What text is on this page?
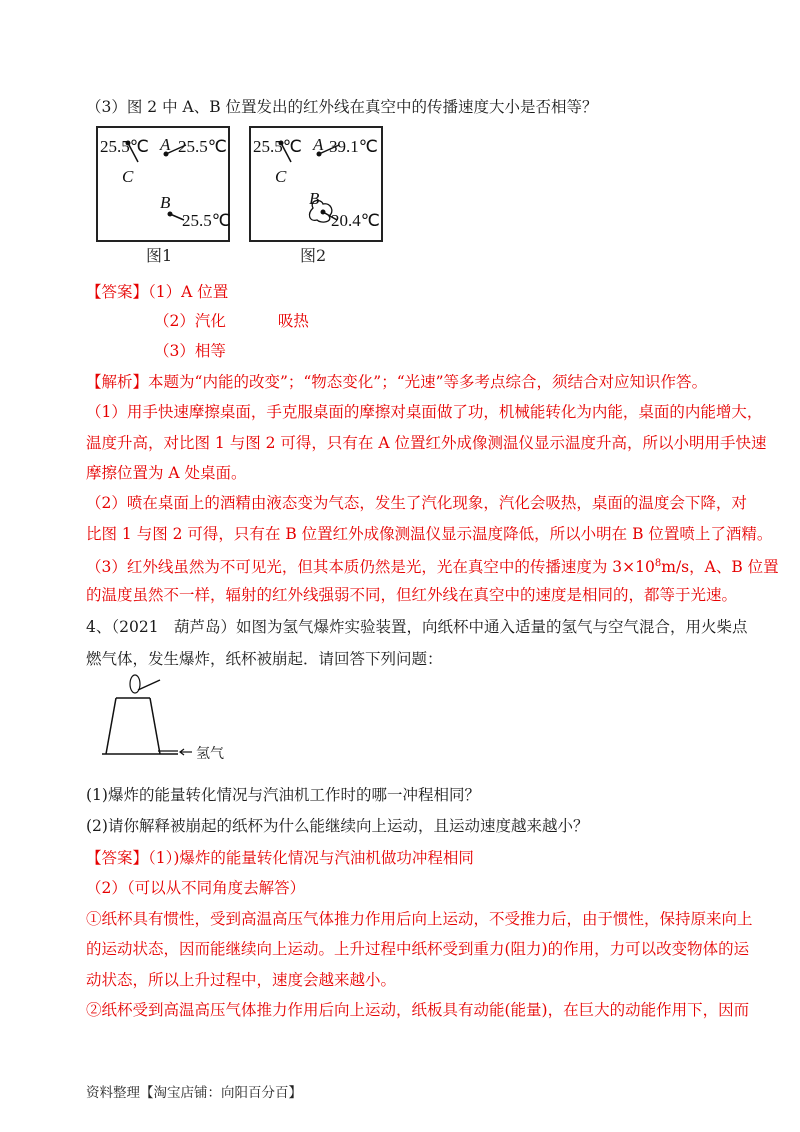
（3）图 2 中 A、B 位置发出的红外线在真空中的传播速度大小是否相等？
25.5℃
C
A 25.5℃
B
25.5℃
图1
25.5℃
C
A 39.1℃
B
20.4℃
图2
【答案】（1）A 位置
（2）汽化	吸热
（3）相等
【解析】本题为“内能的改变”；“物态变化”；“光速”等多考点综合，须结合对应知识作答。
（1）用手快速摩擦桌面，手克服桌面的摩擦对桌面做了功，机械能转化为内能，桌面的内能增大，
温度升高，对比图 1 与图 2 可得，只有在 A 位置红外成像测温仪显示温度升高，所以小明用手快速
摩擦位置为 A 处桌面。
（2）喷在桌面上的酒精由液态变为气态，发生了汽化现象，汽化会吸热，桌面的温度会下降，对
比图 1 与图 2 可得，只有在 B 位置红外成像测温仪显示温度降低，所以小明在 B 位置喷上了酒精。
（3）红外线虽然为不可见光，但其本质仍然是光，光在真空中的传播速度为 $3\times 10^8m/s$，A、B 位置
的温度虽然不一样，辐射的红外线强弱不同，但红外线在真空中的速度是相同的，都等于光速。
4、（2021　葫芦岛）如图为氢气爆炸实验装置，向纸杯中通入适量的氢气与空气混合，用火柴点
燃气体，发生爆炸，纸杯被崩起．请回答下列问题：
氢气
(1)爆炸的能量转化情况与汽油机工作时的哪一冲程相同？
(2)请你解释被崩起的纸杯为什么能继续向上运动，且运动速度越来越小？
【答案】（1）)爆炸的能量转化情况与汽油机做功冲程相同
（2）（可以从不同角度去解答）
①纸杯具有惯性，受到高温高压气体推力作用后向上运动，不受推力后，由于惯性，保持原来向上
的运动状态，因而能继续向上运动。上升过程中纸杯受到重力(阻力)的作用，力可以改变物体的运
动状态，所以上升过程中，速度会越来越小。
②纸杯受到高温高压气体推力作用后向上运动，纸板具有动能(能量)，在巨大的动能作用下，因而
资料整理【淘宝店铺：向阳百分百】
